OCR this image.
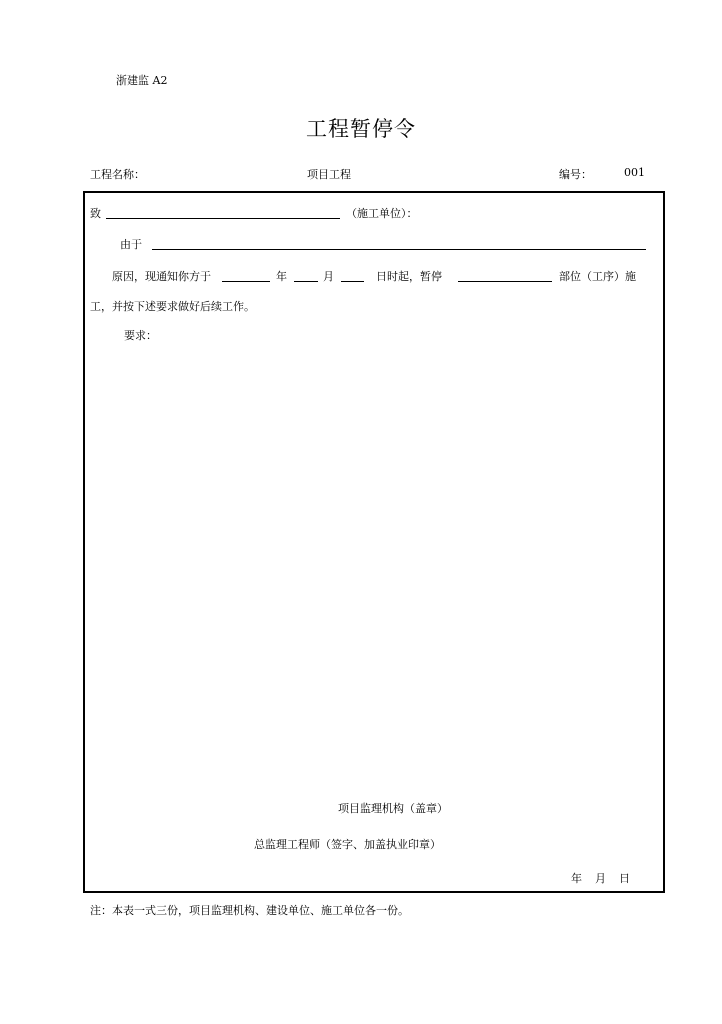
浙建监 A2
工程暂停令
工程名称：	项目工程	编号：	001
致	（施工单位）：
由于
原因，现通知你方于	年	月	日时起，暂停	部位（工序）施
工，并按下述要求做好后续工作。
要求：
项目监理机构（盖章）
总监理工程师（签字、加盖执业印章）
年 月 日
注：本表一式三份，项目监理机构、建设单位、施工单位各一份。
